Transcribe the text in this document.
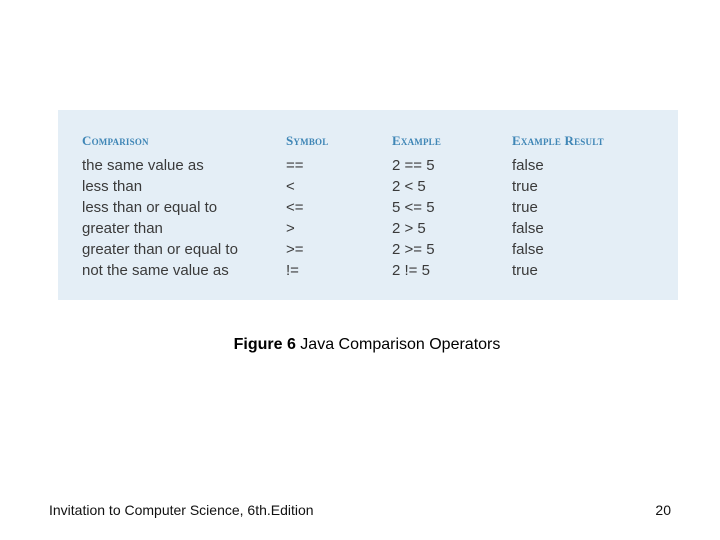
Comparison	Symbol	Example	Example Result
the same value as	==	2 == 5	false
less than	<	2 < 5	true
less than or equal to	<=	5 <= 5	true
greater than	>	2 > 5	false
greater than or equal to	>=	2 >= 5	false
not the same value as	!=	2 != 5	true
Figure 6 Java Comparison Operators
Invitation to Computer Science, 6th.Edition	20
